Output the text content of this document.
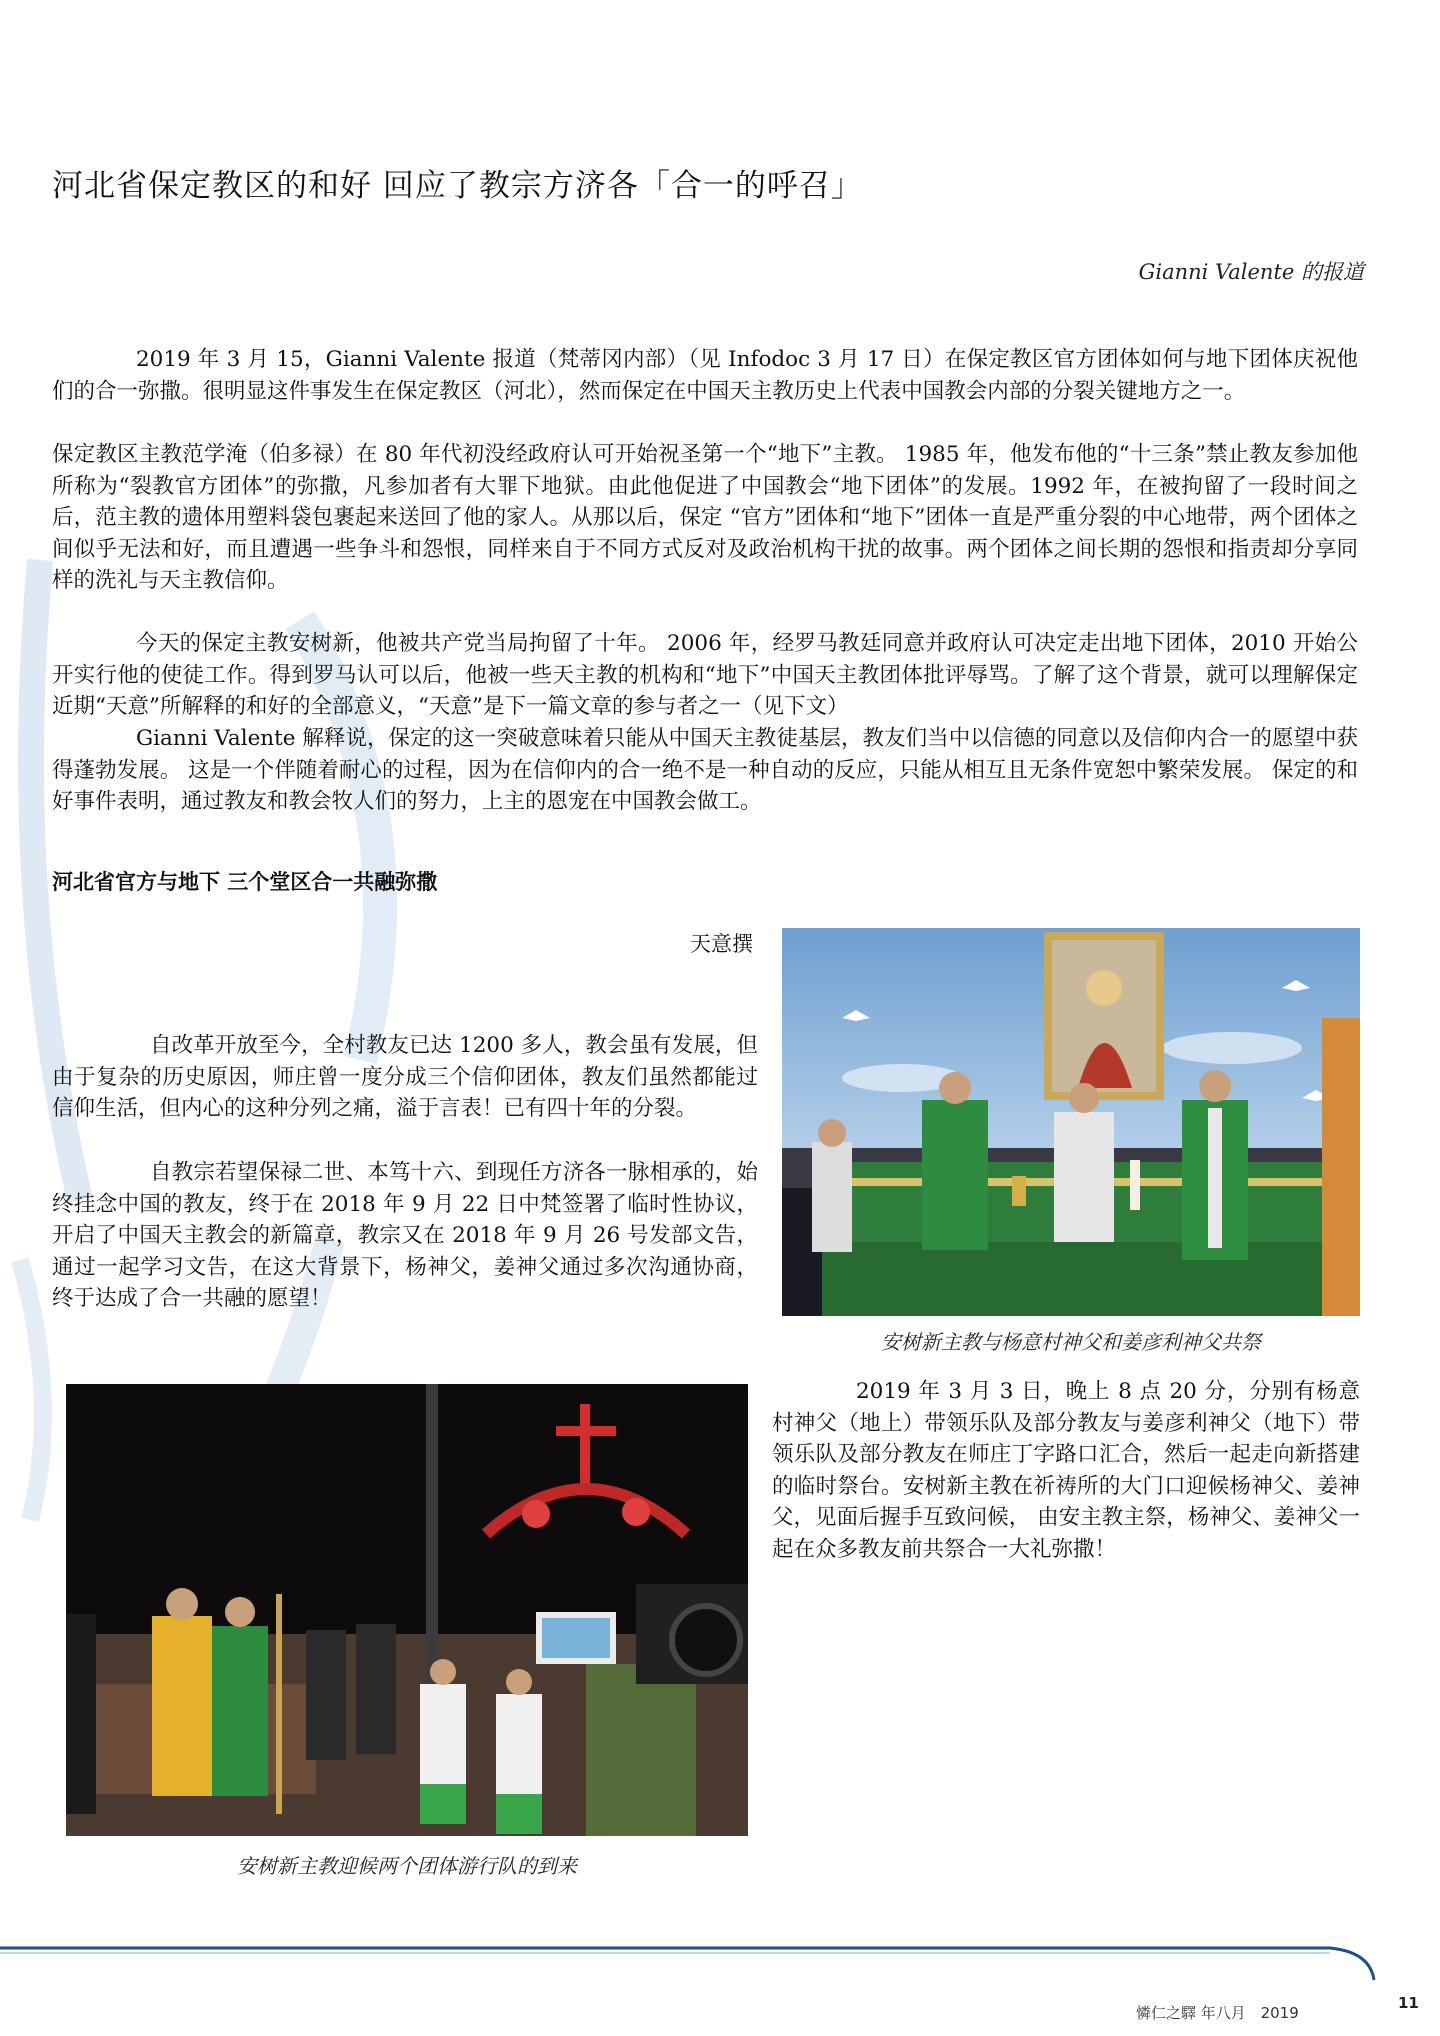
河北省保定教区的和好 回应了教宗方济各「合一的呼召」
Gianni Valente 的报道

2019 年 3 月 15，Gianni Valente 报道（梵蒂冈内部）（见 Infodoc 3 月 17 日）在保定教区官方团体如何与地下团体庆祝他们的合一弥撒。很明显这件事发生在保定教区（河北），然而保定在中国天主教历史上代表中国教会内部的分裂关键地方之一。

保定教区主教范学淹（伯多禄）在 80 年代初没经政府认可开始祝圣第一个“地下”主教。 1985 年，他发布他的“十三条”禁止教友参加他所称为“裂教官方团体”的弥撒，凡参加者有大罪下地狱。由此他促进了中国教会“地下团体”的发展。1992 年，在被拘留了一段时间之后，范主教的遗体用塑料袋包裹起来送回了他的家人。从那以后，保定 “官方”团体和“地下”团体一直是严重分裂的中心地带，两个团体之间似乎无法和好，而且遭遇一些争斗和怨恨，同样来自于不同方式反对及政治机构干扰的故事。两个团体之间长期的怨恨和指责却分享同样的洗礼与天主教信仰。

今天的保定主教安树新，他被共产党当局拘留了十年。 2006 年，经罗马教廷同意并政府认可决定走出地下团体，2010 开始公开实行他的使徒工作。得到罗马认可以后，他被一些天主教的机构和“地下”中国天主教团体批评辱骂。了解了这个背景，就可以理解保定近期“天意”所解释的和好的全部意义，“天意”是下一篇文章的参与者之一（见下文）

Gianni Valente 解释说，保定的这一突破意味着只能从中国天主教徒基层，教友们当中以信德的同意以及信仰内合一的愿望中获得蓬勃发展。 这是一个伴随着耐心的过程，因为在信仰内的合一绝不是一种自动的反应，只能从相互且无条件宽恕中繁荣发展。 保定的和好事件表明，通过教友和教会牧人们的努力，上主的恩宠在中国教会做工。

河北省官方与地下 三个堂区合一共融弥撒
天意撰

自改革开放至今，全村教友已达 1200 多人，教会虽有发展，但由于复杂的历史原因，师庄曾一度分成三个信仰团体，教友们虽然都能过信仰生活，但内心的这种分列之痛，溢于言表！已有四十年的分裂。

自教宗若望保禄二世、本笃十六、到现任方济各一脉相承的，始终挂念中国的教友，终于在 2018 年 9 月 22 日中梵签署了临时性协议，开启了中国天主教会的新篇章，教宗又在 2018 年 9 月 26 号发部文告，通过一起学习文告，在这大背景下，杨神父，姜神父通过多次沟通协商，终于达成了合一共融的愿望！

安树新主教与杨意村神父和姜彦利神父共祭

2019 年 3 月 3 日，晚上 8 点 20 分，分别有杨意村神父（地上）带领乐队及部分教友与姜彦利神父（地下）带领乐队及部分教友在师庄丁字路口汇合，然后一起走向新搭建的临时祭台。安树新主教在祈祷所的大门口迎候杨神父、姜神父，见面后握手互致问候， 由安主教主祭，杨神父、姜神父一起在众多教友前共祭合一大礼弥撒！

安树新主教迎候两个团体游行队的到来
憐仁之驛 年八月 2019
11
